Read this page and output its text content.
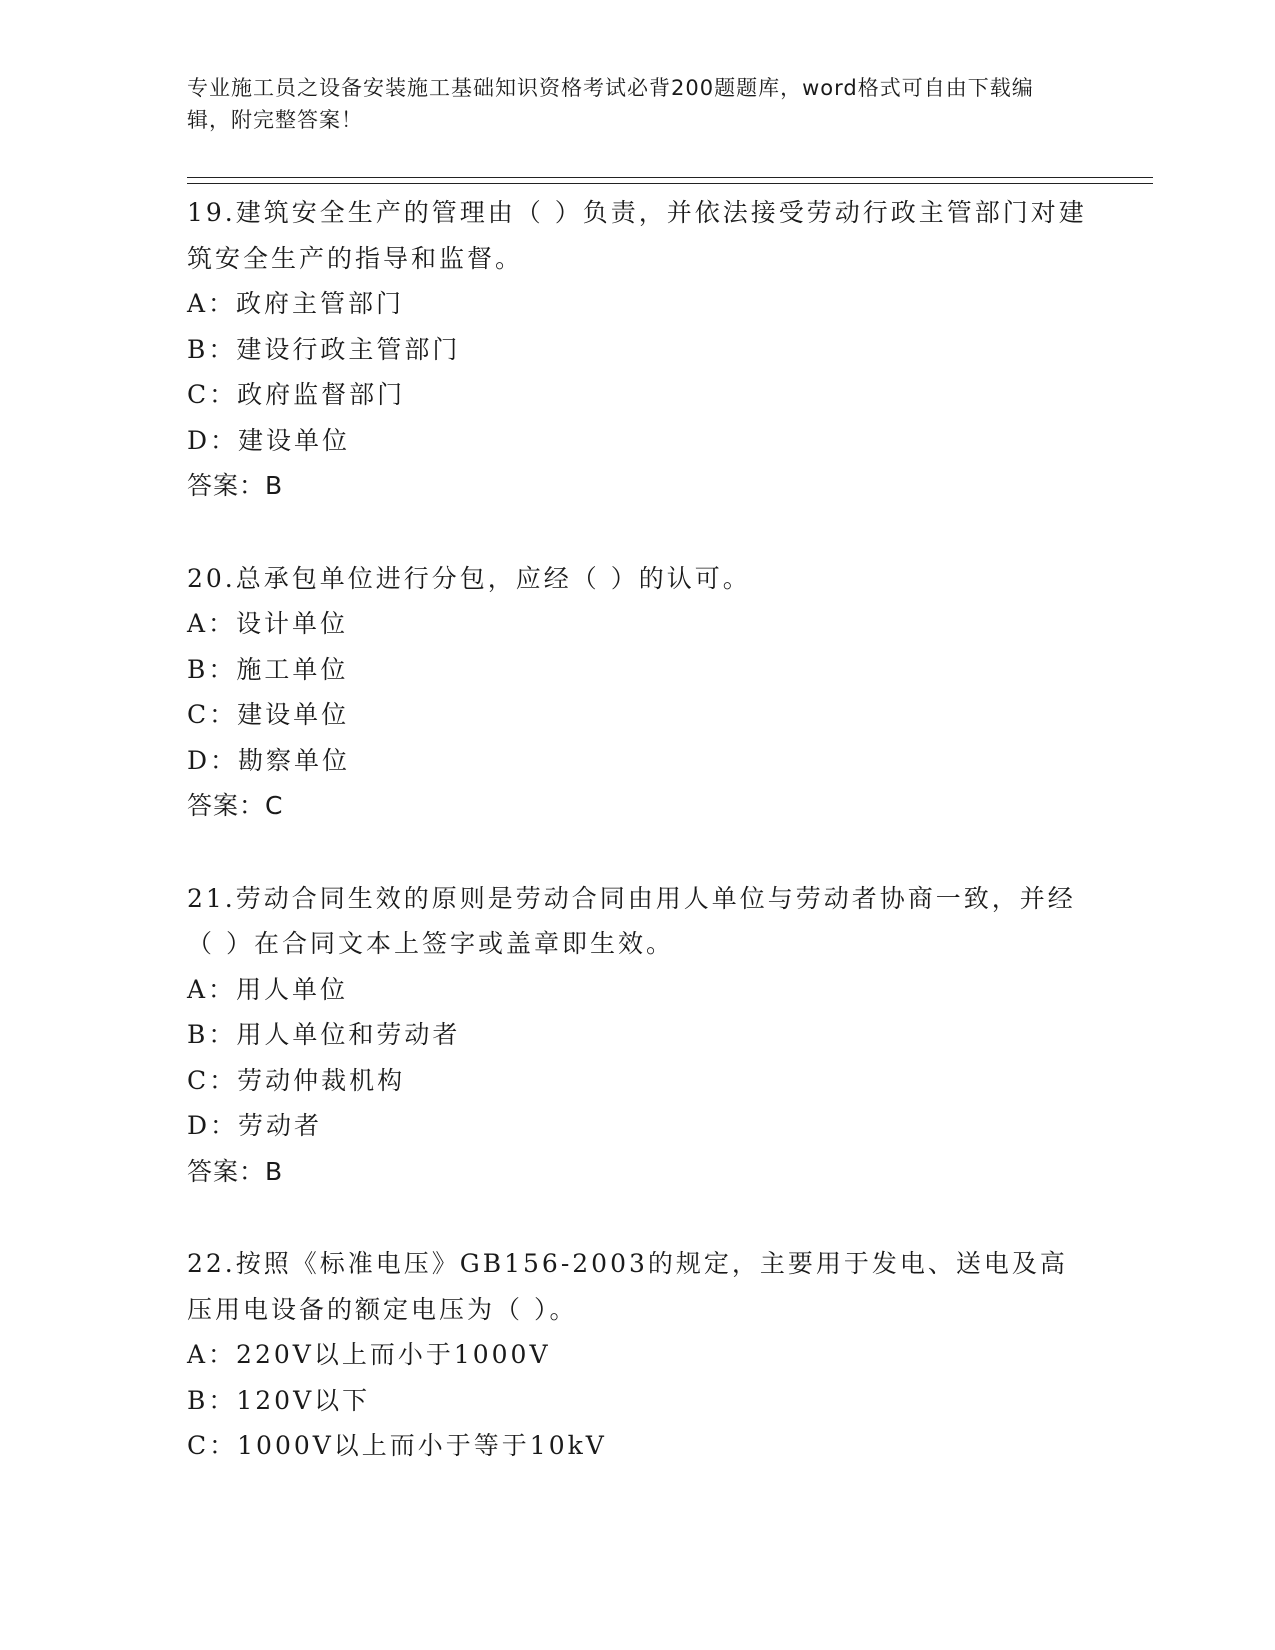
专业施工员之设备安装施工基础知识资格考试必背200题题库，word格式可自由下载编辑，附完整答案！
19.建筑安全生产的管理由（ ）负责，并依法接受劳动行政主管部门对建筑安全生产的指导和监督。
A：政府主管部门
B：建设行政主管部门
C：政府监督部门
D：建设单位
答案：B
20.总承包单位进行分包，应经（ ）的认可。
A：设计单位
B：施工单位
C：建设单位
D：勘察单位
答案：C
21.劳动合同生效的原则是劳动合同由用人单位与劳动者协商一致，并经（ ）在合同文本上签字或盖章即生效。
A：用人单位
B：用人单位和劳动者
C：劳动仲裁机构
D：劳动者
答案：B
22.按照《标准电压》GB156-2003的规定，主要用于发电、送电及高压用电设备的额定电压为（ ）。
A：220V以上而小于1000V
B：120V以下
C：1000V以上而小于等于10kV
